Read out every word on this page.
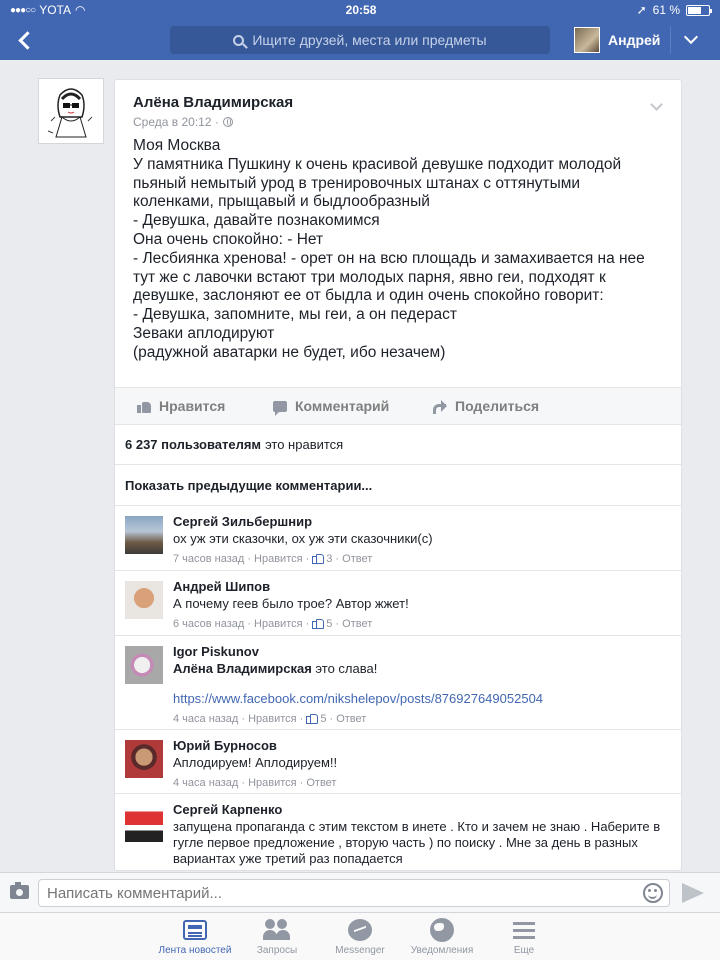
●●●○○ YOTA ◠	20:58	➚ 61 %
Ищите друзей, места или предметы	Андрей
Алёна Владимирская
Среда в 20:12 ·

Моя Москва

У памятника Пушкину к очень красивой девушке подходит молодой пьяный немытый урод в тренировочных штанах с оттянутыми коленками, прыщавый и быдлообразный

- Девушка, давайте познакомимся

Она очень спокойно: - Нет

- Лесбиянка хренова! - орет он на всю площадь и замахивается на нее

тут же с лавочки встают три молодых парня, явно геи, подходят к девушке, заслоняют ее от быдла и один очень спокойно говорит:

- Девушка, запомните, мы геи, а он педераст

Зеваки аплодируют

(радужной аватарки не будет, ибо незачем)

Нравится	Комментарий	Поделиться
6 237 пользователям это нравится
Показать предыдущие комментарии...
Сергей Зильбершнир
ох уж эти сказочки, ох уж эти сказочники(с)
7 часов назад · Нравится · 3 · Ответ
Андрей Шипов
А почему геев было трое? Автор жжет!
6 часов назад · Нравится · 5 · Ответ
Igor Piskunov
Алёна Владимирская это слава!
https://www.facebook.com/nikshelepov/posts/876927649052504
4 часа назад · Нравится · 5 · Ответ
Юрий Бурносов
Аплодируем! Аплодируем!!
4 часа назад · Нравится · Ответ
Сергей Карпенко
запущена пропаганда с этим текстом в инете . Кто и зачем не знаю . Наберите в гугле первое предложение , вторую часть ) по поиску . Мне за день в разных вариантах уже третий раз попадается
Написать комментарий...
Лента новостей	Запросы	Messenger	Уведомления	Еще
